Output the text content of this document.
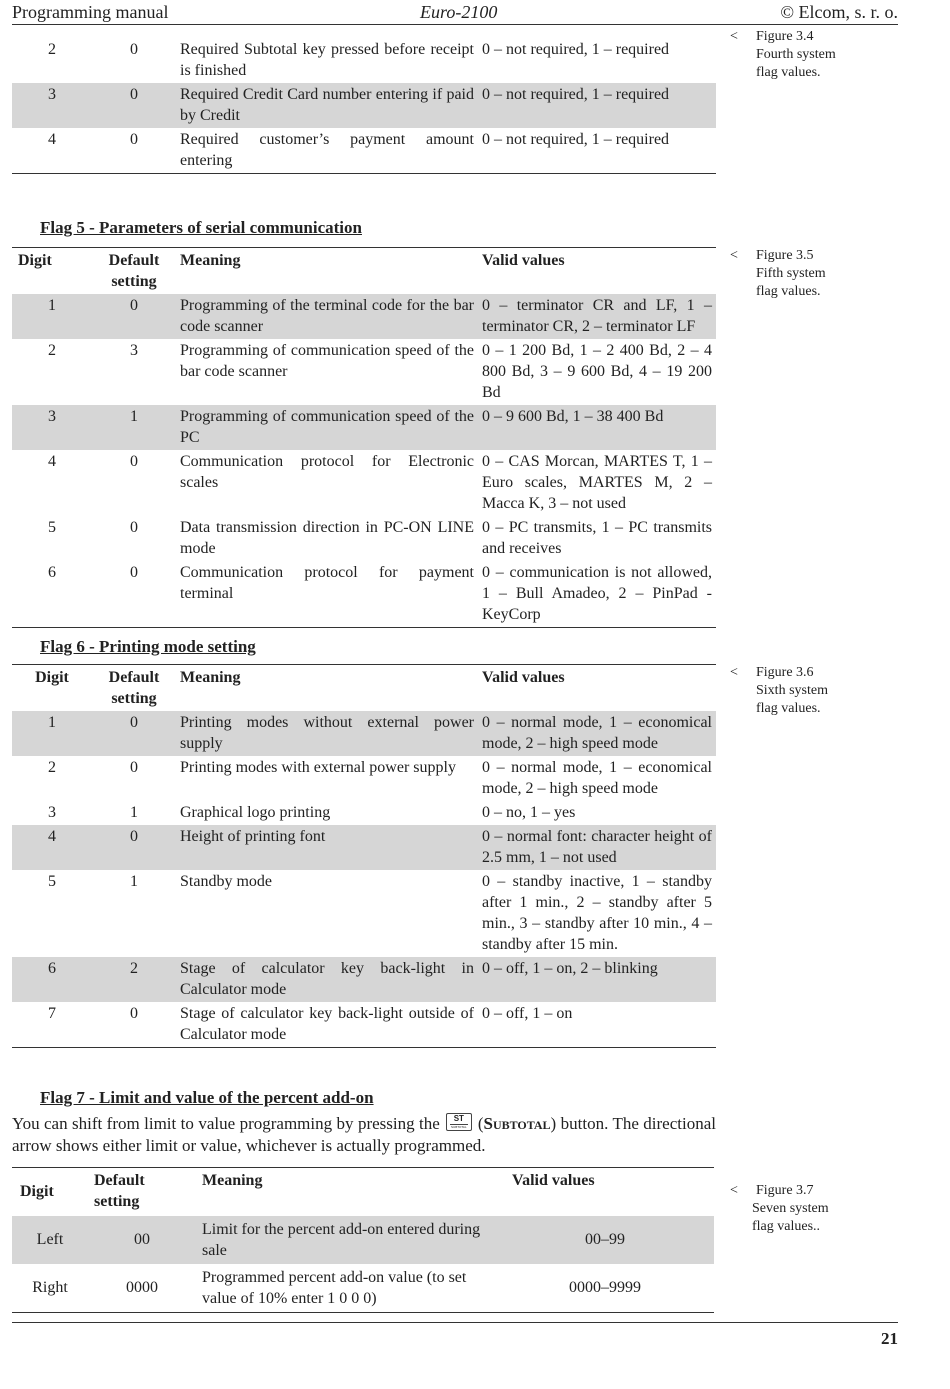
Programming manual	Euro-2100	© Elcom, s. r. o.
2	0	Required Subtotal key pressed before receipt is finished	0 – not required, 1 – required
3	0	Required Credit Card number entering if paid by Credit	0 – not required, 1 – required
4	0	Required customer’s payment amount entering	0 – not required, 1 – required
< Figure 3.4
Fourth system flag values.
Flag 5 - Parameters of serial communication
Digit	Default setting	Meaning	Valid values
1	0	Programming of the terminal code for the bar code scanner	0 – terminator CR and LF, 1 – terminator CR, 2 – terminator LF
2	3	Programming of communication speed of the bar code scanner	0 – 1 200 Bd, 1 – 2 400 Bd, 2 – 4 800 Bd, 3 – 9 600 Bd, 4 – 19 200 Bd
3	1	Programming of communication speed of the PC	0 – 9 600 Bd, 1 – 38 400 Bd
4	0	Communication protocol for Electronic scales	0 – CAS Morcan, MARTES T, 1 – Euro scales, MARTES M, 2 – Macca K, 3 – not used
5	0	Data transmission direction in PC-ON LINE mode	0 – PC transmits, 1 – PC transmits and receives
6	0	Communication protocol for payment terminal	0 – communication is not allowed, 1 – Bull Amadeo, 2 – PinPad - KeyCorp
< Figure 3.5
Fifth system flag values.
Flag 6 - Printing mode setting
Digit	Default setting	Meaning	Valid values
1	0	Printing modes without external power supply	0 – normal mode, 1 – economical mode, 2 – high speed mode
2	0	Printing modes with external power supply	0 – normal mode, 1 – economical mode, 2 – high speed mode
3	1	Graphical logo printing	0 – no, 1 – yes
4	0	Height of printing font	0 – normal font: character height of 2.5 mm, 1 – not used
5	1	Standby mode	0 – standby inactive, 1 – standby after 1 min., 2 – standby after 5 min., 3 – standby after 10 min., 4 – standby after 15 min.
6	2	Stage of calculator key back-light in Calculator mode	0 – off, 1 – on, 2 – blinking
7	0	Stage of calculator key back-light outside of Calculator mode	0 – off, 1 – on
< Figure 3.6
Sixth system flag values.
Flag 7 - Limit and value of the percent add-on
You can shift from limit to value programming by pressing the	ST
SUBTOTAL (Subtotal) button. The directional arrow shows either limit or value, whichever is actually programmed.
Digit	Default setting	Meaning	Valid values
Left	00	Limit for the percent add-on entered during sale	00–99
Right	0000	Programmed percent add-on value (to set value of 10% enter 1 0 0 0)	0000–9999
< Figure 3.7
Seven system flag values..
21
